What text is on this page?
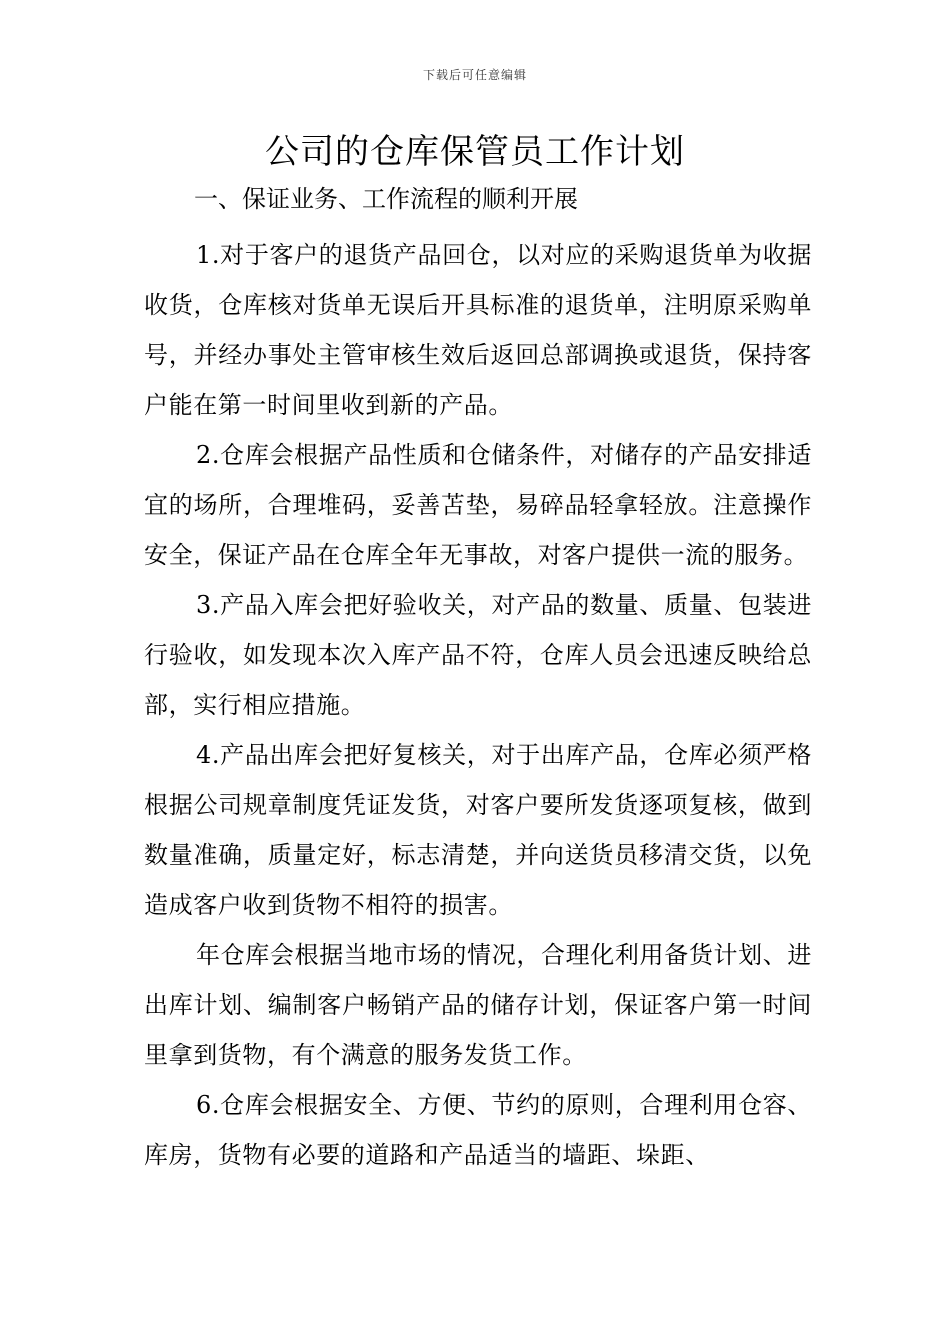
下载后可任意编辑
公司的仓库保管员工作计划
一、保证业务、工作流程的顺利开展

1.对于客户的退货产品回仓，以对应的采购退货单为收据收货，仓库核对货单无误后开具标准的退货单，注明原采购单号，并经办事处主管审核生效后返回总部调换或退货，保持客户能在第一时间里收到新的产品。

2.仓库会根据产品性质和仓储条件，对储存的产品安排适宜的场所，合理堆码，妥善苫垫，易碎品轻拿轻放。注意操作安全，保证产品在仓库全年无事故，对客户提供一流的服务。

3.产品入库会把好验收关，对产品的数量、质量、包装进行验收，如发现本次入库产品不符，仓库人员会迅速反映给总部，实行相应措施。

4.产品出库会把好复核关，对于出库产品，仓库必须严格根据公司规章制度凭证发货，对客户要所发货逐项复核，做到数量准确，质量定好，标志清楚，并向送货员移清交货，以免造成客户收到货物不相符的损害。

年仓库会根据当地市场的情况，合理化利用备货计划、进出库计划、编制客户畅销产品的储存计划，保证客户第一时间里拿到货物，有个满意的服务发货工作。

6.仓库会根据安全、方便、节约的原则，合理利用仓容、库房，货物有必要的道路和产品适当的墙距、垛距、
